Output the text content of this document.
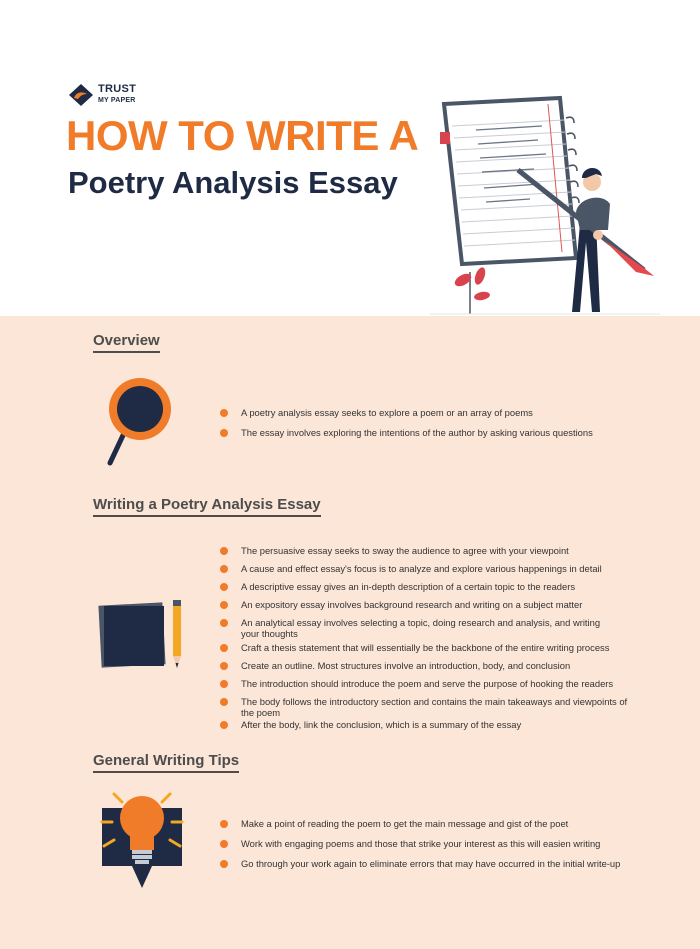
TRUST
MY PAPER
HOW TO WRITE A
Poetry Analysis Essay
Overview
A poetry analysis essay seeks to explore a poem or an array of poems
The essay involves exploring the intentions of the author by asking various questions
Writing a Poetry Analysis Essay
The persuasive essay seeks to sway the audience to agree with your viewpoint
A cause and effect essay's focus is to analyze and explore various happenings in detail
A descriptive essay gives an in-depth description of a certain topic to the readers
An expository essay involves background research and writing on a subject matter
An analytical essay involves selecting a topic, doing research and analysis, and writing your thoughts
Craft a thesis statement that will essentially be the backbone of the entire writing process
Create an outline. Most structures involve an introduction, body, and conclusion
The introduction should introduce the poem and serve the purpose of hooking the readers
The body follows the introductory section and contains the main takeaways and viewpoints of the poem
After the body, link the conclusion, which is a summary of the essay
General Writing Tips
Make a point of reading the poem to get the main message and gist of the poet
Work with engaging poems and those that strike your interest as this will easien writing
Go through your work again to eliminate errors that may have occurred in the initial write-up
